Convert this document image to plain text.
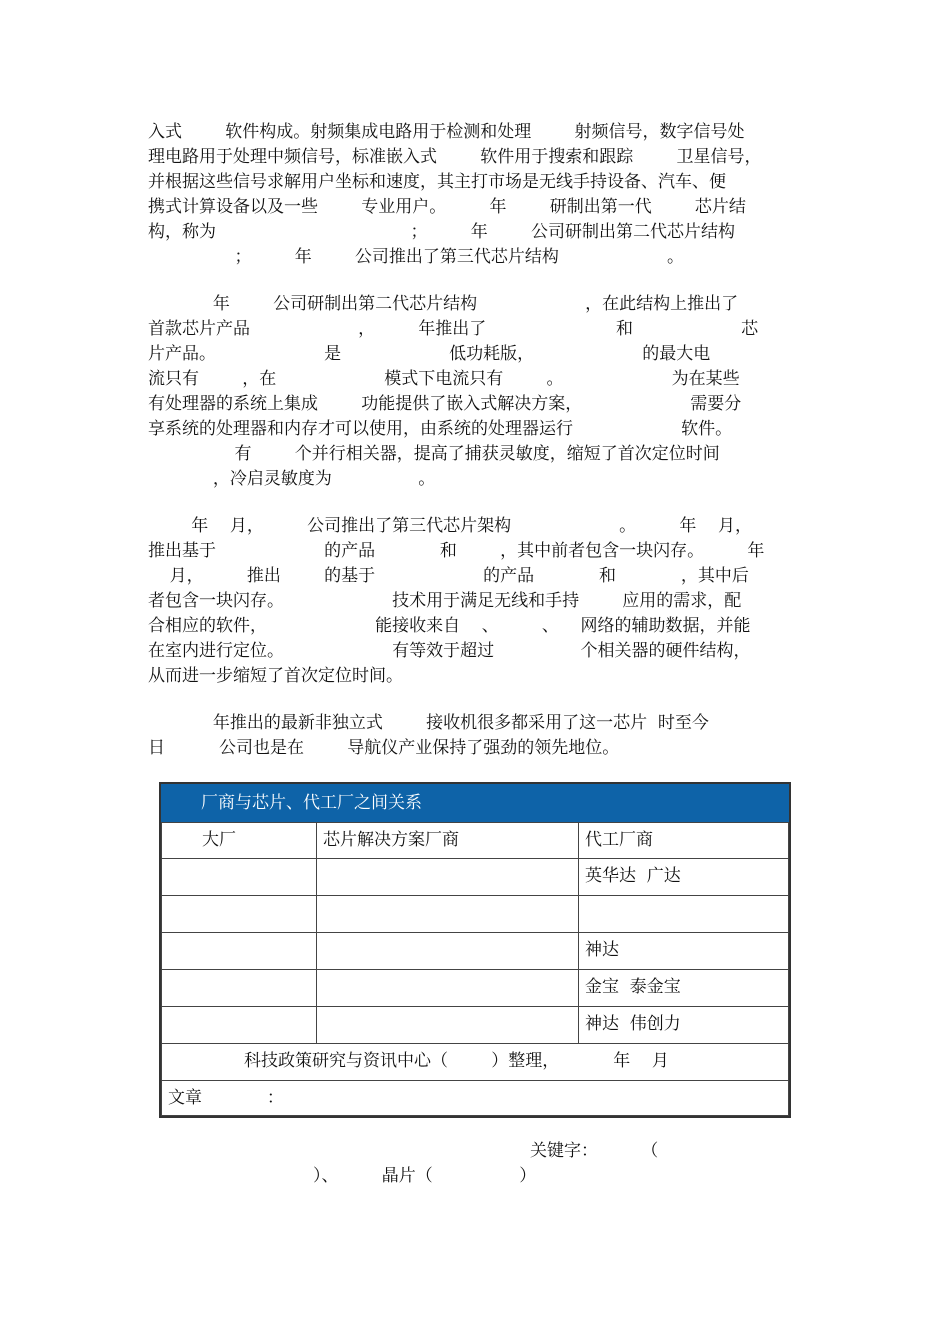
入式        软件构成。射频集成电路用于检测和处理        射频信号，数字信号处
理电路用于处理中频信号，标准嵌入式        软件用于搜索和跟踪        卫星信号，
并根据这些信号求解用户坐标和速度，其主打市场是无线手持设备、汽车、便
携式计算设备以及一些        专业用户。        年        研制出第一代        芯片结
构，称为                                    ；        年        公司研制出第二代芯片结构
；        年        公司推出了第三代芯片结构                    。
年        公司研制出第二代芯片结构                    ，在此结构上推出了
首款芯片产品                    ，        年推出了                        和                    芯
片产品。                    是                    低功耗版，                    的最大电
流只有        ，在                    模式下电流只有        。                    为在某些
有处理器的系统上集成        功能提供了嵌入式解决方案，                    需要分
享系统的处理器和内存才可以使用，由系统的处理器运行                    软件。
有        个并行相关器，提高了捕获灵敏度，缩短了首次定位时间
，冷启灵敏度为                。
年    月，        公司推出了第三代芯片架构                    。        年    月，
推出基于                    的产品            和        ，其中前者包含一块闪存。        年
月，        推出        的基于                    的产品            和            ，其中后
者包含一块闪存。                    技术用于满足无线和手持        应用的需求，配
合相应的软件，                    能接收来自    、        、    网络的辅助数据，并能
在室内进行定位。                    有等效于超过                个相关器的硬件结构，
从而进一步缩短了首次定位时间。
年推出的最新非独立式        接收机很多都采用了这一芯片  时至今
日          公司也是在        导航仪产业保持了强劲的领先地位。
厂商与芯片、代工厂之间关系
大厂	芯片解决方案厂商	代工厂商
英华达  广达
神达
金宝  泰金宝
神达  伟创力
科技政策研究与资讯中心（        ）整理，          年    月
文章            ：
关键字：        （
）、        晶片（                ）
